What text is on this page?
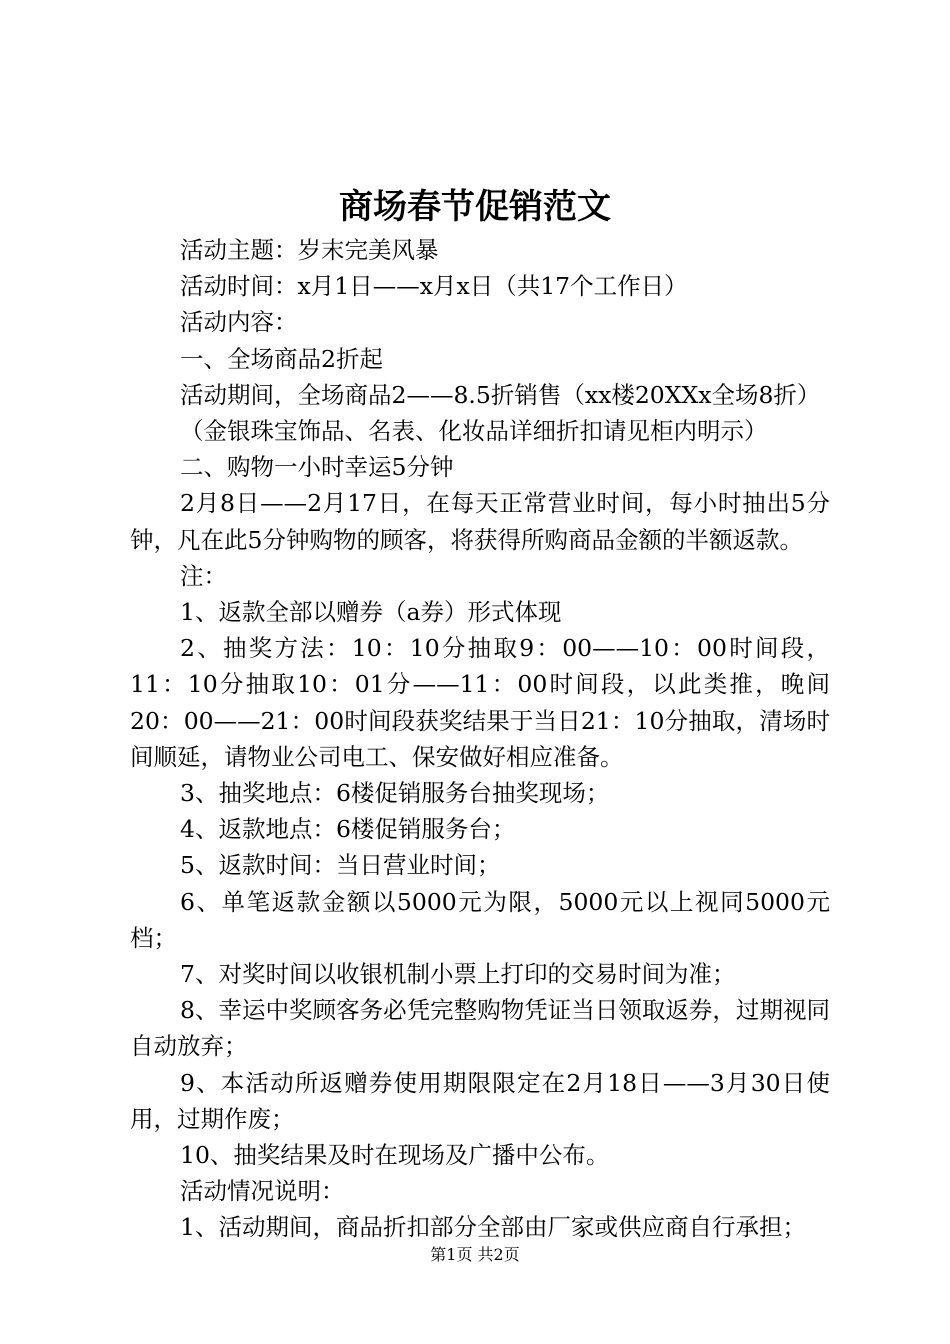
商场春节促销范文

活动主题：岁末完美风暴

活动时间：x月1日——x月x日（共17个工作日）

活动内容：

一、全场商品2折起

活动期间，全场商品2——8.5折销售（xx楼20XXx全场8折）

（金银珠宝饰品、名表、化妆品详细折扣请见柜内明示）

二、购物一小时幸运5分钟

2月8日——2月17日，在每天正常营业时间，每小时抽出5分钟，凡在此5分钟购物的顾客，将获得所购商品金额的半额返款。

注：

1、返款全部以赠券（a券）形式体现

2、抽奖方法：10：10分抽取9：00——10：00时间段，11：10分抽取10：01分——11：00时间段，以此类推，晚间20：00——21：00时间段获奖结果于当日21：10分抽取，清场时间顺延，请物业公司电工、保安做好相应准备。

3、抽奖地点：6楼促销服务台抽奖现场；

4、返款地点：6楼促销服务台；

5、返款时间：当日营业时间；

6、单笔返款金额以5000元为限，5000元以上视同5000元档；

7、对奖时间以收银机制小票上打印的交易时间为准；

8、幸运中奖顾客务必凭完整购物凭证当日领取返券，过期视同自动放弃；

9、本活动所返赠券使用期限限定在2月18日——3月30日使用，过期作废；

10、抽奖结果及时在现场及广播中公布。

活动情况说明：

1、活动期间，商品折扣部分全部由厂家或供应商自行承担；

第1页 共2页
